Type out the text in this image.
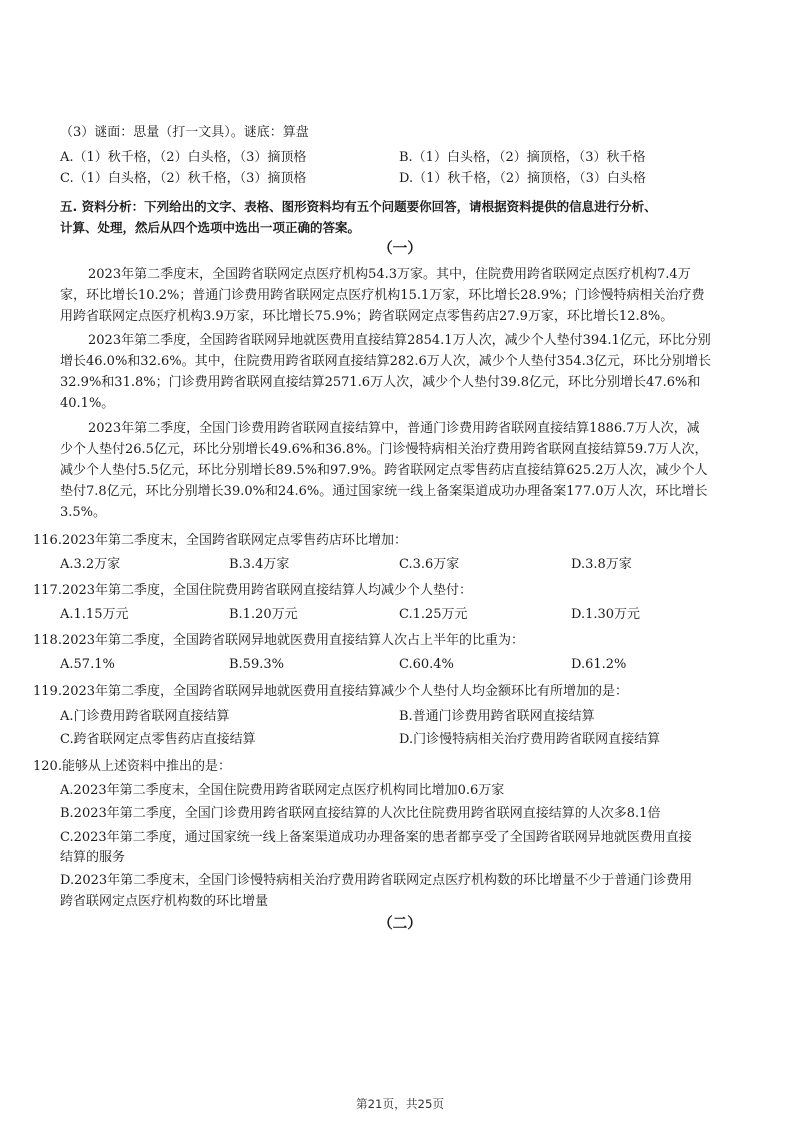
（3）谜面：思量（打一文具）。谜底：算盘
A.（1）秋千格，（2）白头格，（3）摘顶格	B.（1）白头格，（2）摘顶格，（3）秋千格
C.（1）白头格，（2）秋千格，（3）摘顶格	D.（1）秋千格，（2）摘顶格，（3）白头格
五. 资料分析：下列给出的文字、表格、图形资料均有五个问题要你回答，请根据资料提供的信息进行分析、
计算、处理，然后从四个选项中选出一项正确的答案。
（一）
2023年第二季度末，全国跨省联网定点医疗机构54.3万家。其中，住院费用跨省联网定点医疗机构7.4万
家，环比增长10.2%；普通门诊费用跨省联网定点医疗机构15.1万家，环比增长28.9%；门诊慢特病相关治疗费
用跨省联网定点医疗机构3.9万家，环比增长75.9%；跨省联网定点零售药店27.9万家，环比增长12.8%。
2023年第二季度，全国跨省联网异地就医费用直接结算2854.1万人次，减少个人垫付394.1亿元，环比分别
增长46.0%和32.6%。其中，住院费用跨省联网直接结算282.6万人次，减少个人垫付354.3亿元，环比分别增长
32.9%和31.8%；门诊费用跨省联网直接结算2571.6万人次，减少个人垫付39.8亿元，环比分别增长47.6%和
40.1%。
2023年第二季度，全国门诊费用跨省联网直接结算中，普通门诊费用跨省联网直接结算1886.7万人次，减
少个人垫付26.5亿元，环比分别增长49.6%和36.8%。门诊慢特病相关治疗费用跨省联网直接结算59.7万人次，
减少个人垫付5.5亿元，环比分别增长89.5%和97.9%。跨省联网定点零售药店直接结算625.2万人次，减少个人
垫付7.8亿元，环比分别增长39.0%和24.6%。通过国家统一线上备案渠道成功办理备案177.0万人次，环比增长
3.5%。
116.2023年第二季度末，全国跨省联网定点零售药店环比增加：
A.3.2万家	B.3.4万家	C.3.6万家	D.3.8万家
117.2023年第二季度，全国住院费用跨省联网直接结算人均减少个人垫付：
A.1.15万元	B.1.20万元	C.1.25万元	D.1.30万元
118.2023年第二季度，全国跨省联网异地就医费用直接结算人次占上半年的比重为：
A.57.1%	B.59.3%	C.60.4%	D.61.2%
119.2023年第二季度，全国跨省联网异地就医费用直接结算减少个人垫付人均金额环比有所增加的是：
A.门诊费用跨省联网直接结算	B.普通门诊费用跨省联网直接结算
C.跨省联网定点零售药店直接结算	D.门诊慢特病相关治疗费用跨省联网直接结算
120.能够从上述资料中推出的是：
A.2023年第二季度末，全国住院费用跨省联网定点医疗机构同比增加0.6万家
B.2023年第二季度，全国门诊费用跨省联网直接结算的人次比住院费用跨省联网直接结算的人次多8.1倍
C.2023年第二季度，通过国家统一线上备案渠道成功办理备案的患者都享受了全国跨省联网异地就医费用直接
结算的服务
D.2023年第二季度末，全国门诊慢特病相关治疗费用跨省联网定点医疗机构数的环比增量不少于普通门诊费用
跨省联网定点医疗机构数的环比增量
（二）
第21页，共25页
